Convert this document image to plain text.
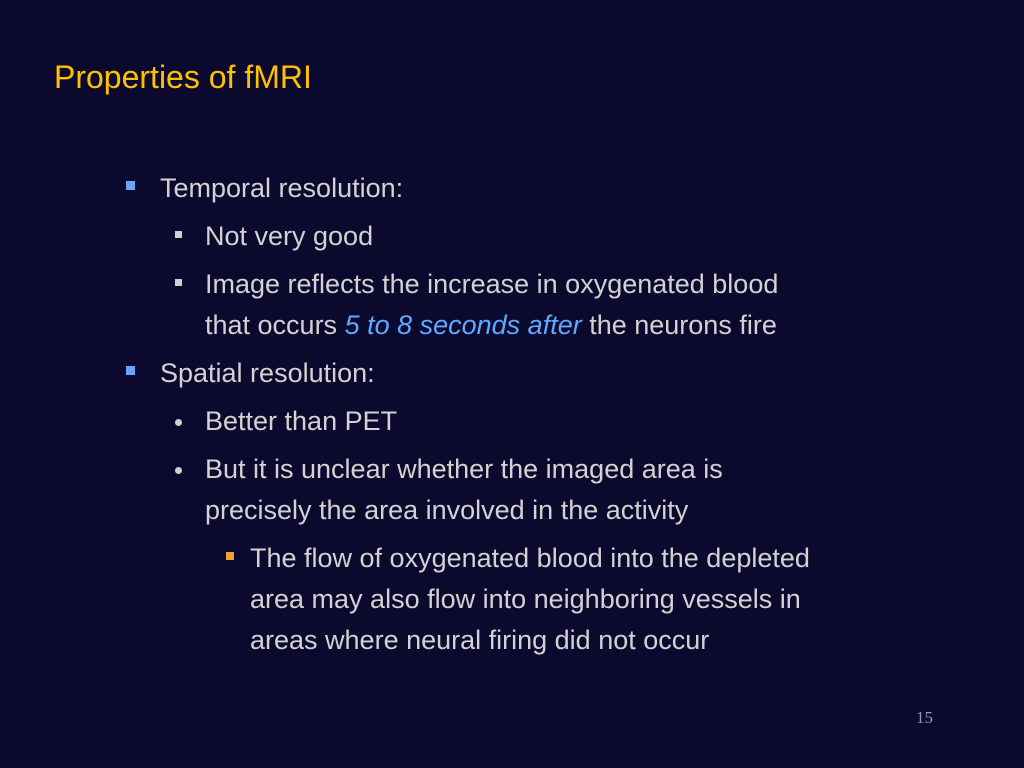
Properties of fMRI
Temporal resolution:
Not very good
Image reflects the increase in oxygenated blood
that occurs 5 to 8 seconds after the neurons fire
Spatial resolution:
Better than PET
But it is unclear whether the imaged area is
precisely the area involved in the activity
The flow of oxygenated blood into the depleted
area may also flow into neighboring vessels in
areas where neural firing did not occur
15
